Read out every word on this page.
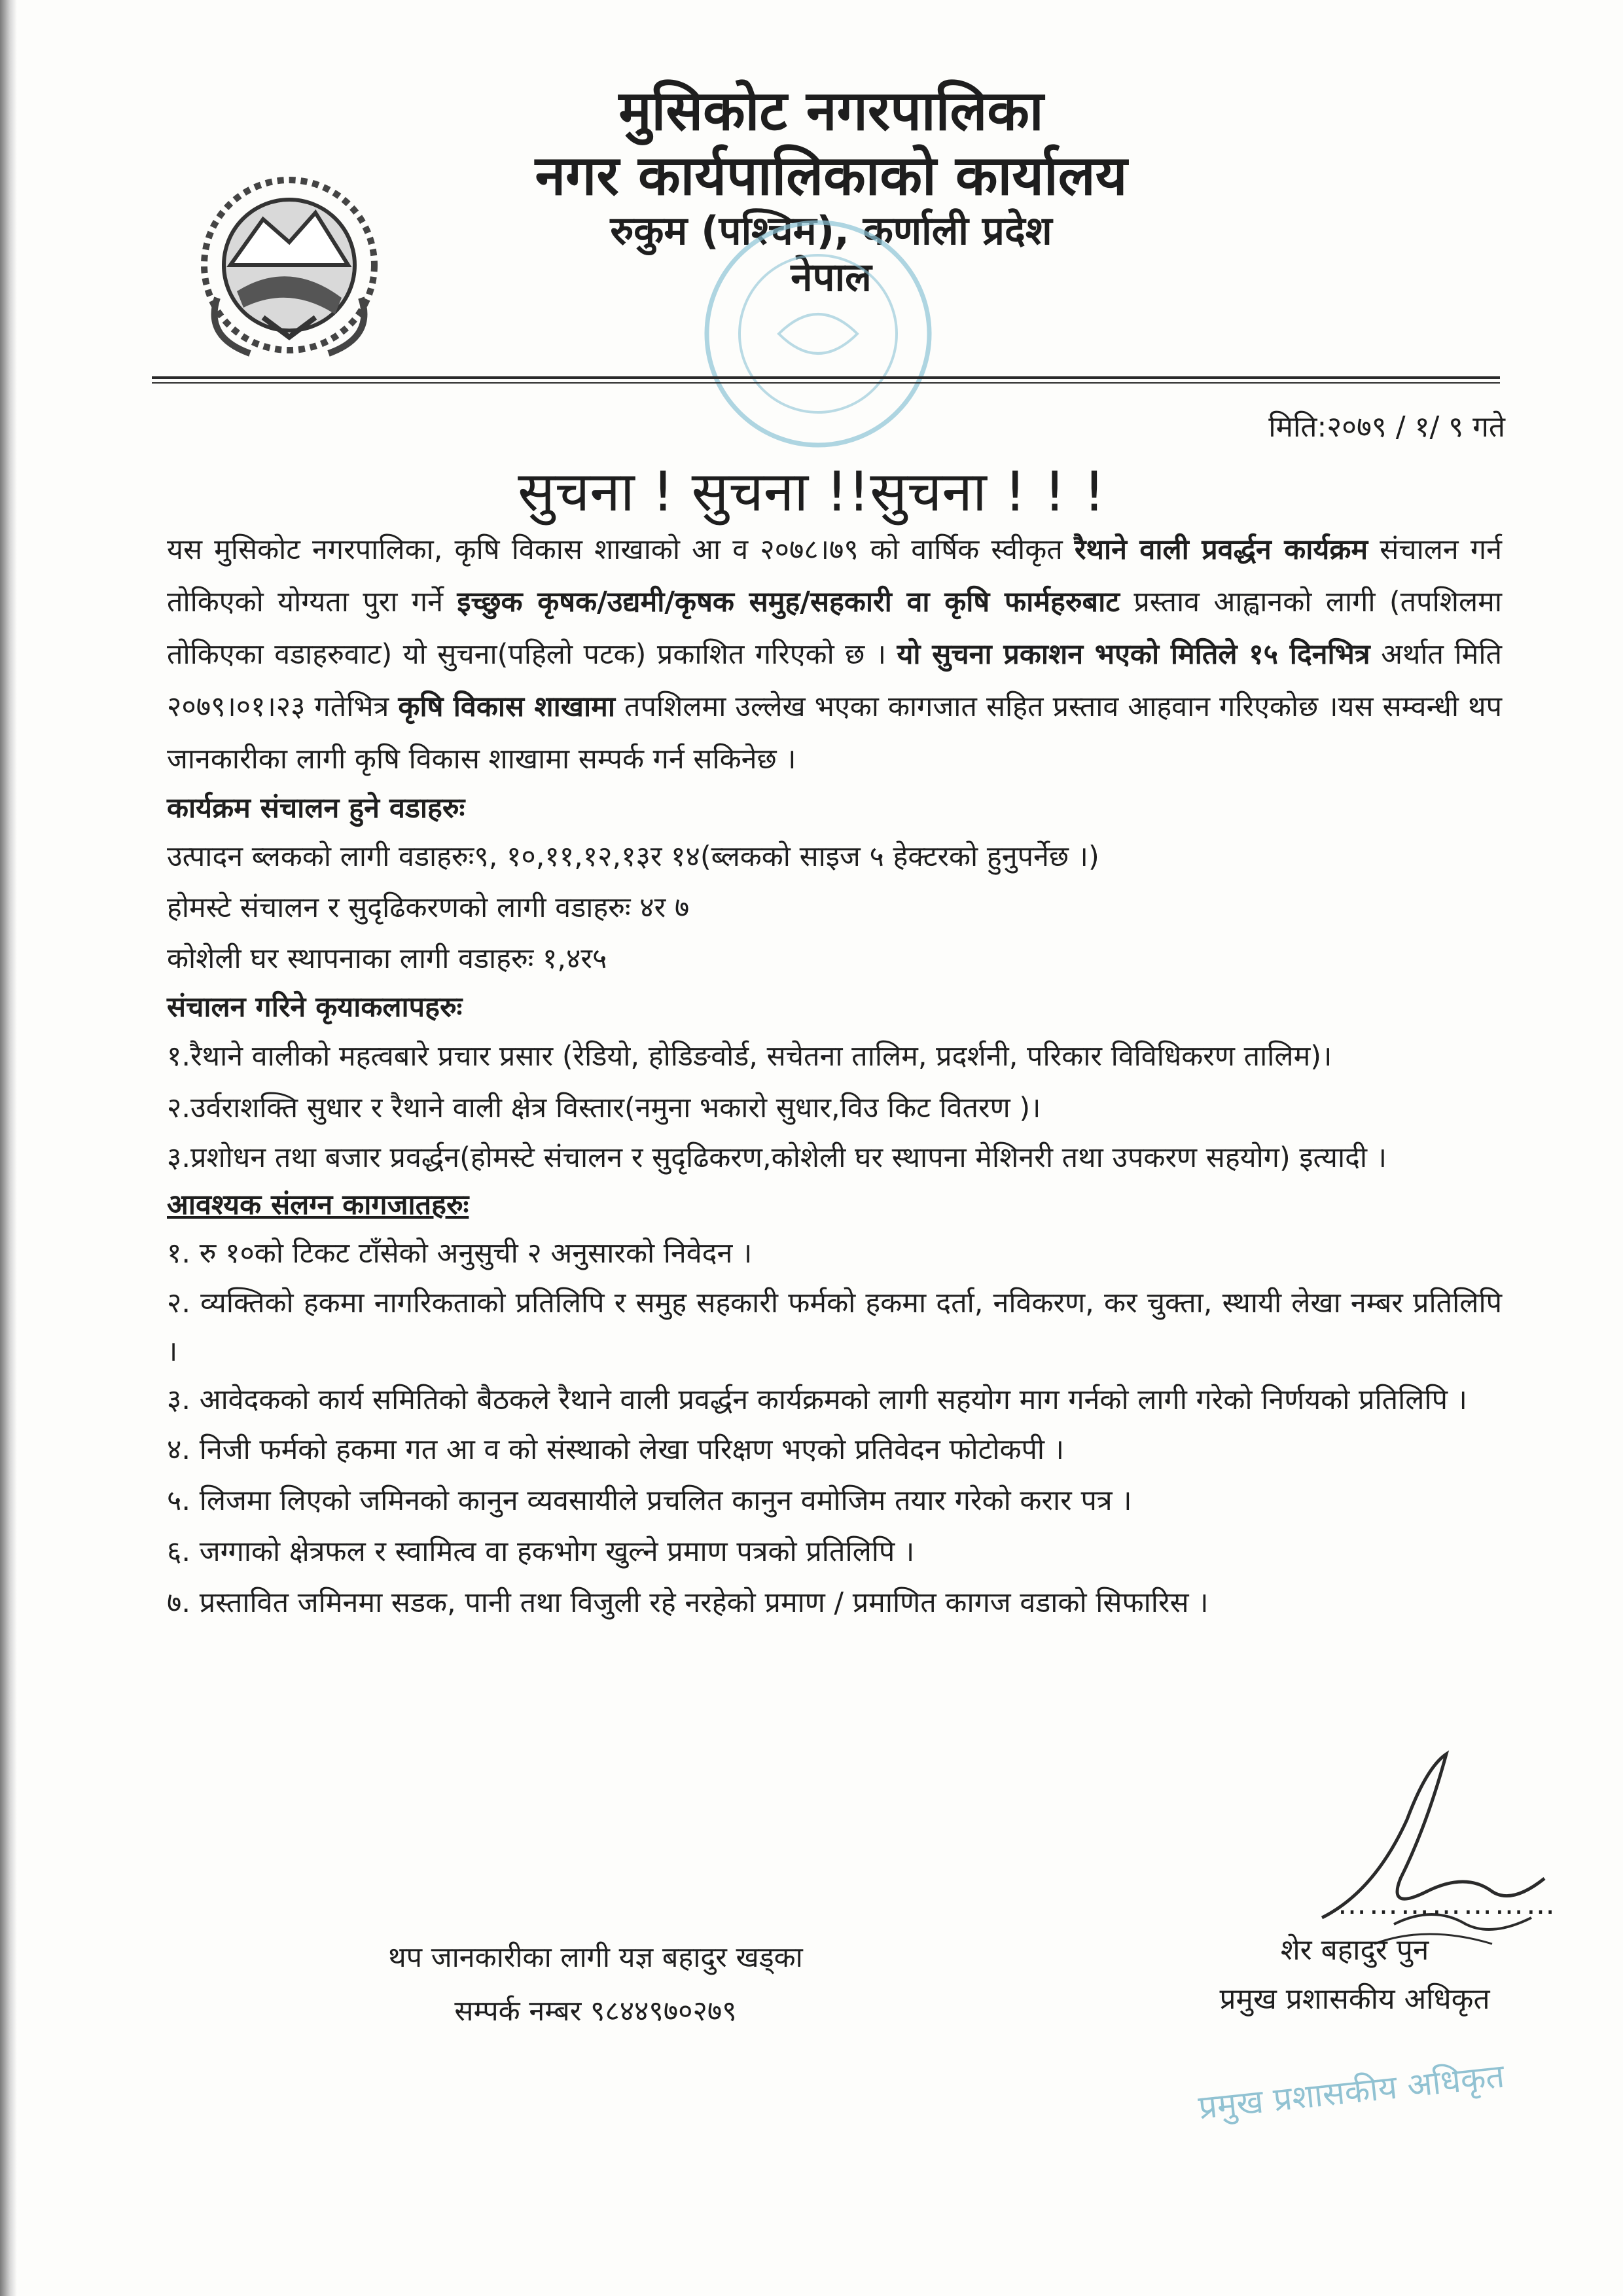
मुसिकोट नगरपालिका
नगर कार्यपालिकाको कार्यालय
रुकुम (पश्चिम), कर्णाली प्रदेश
नेपाल
मिति:२०७९ / १/ ९ गते
सुचना ! सुचना !!सुचना ! ! !

यस मुसिकोट नगरपालिका, कृषि विकास शाखाको आ व २०७८।७९ को वार्षिक स्वीकृत रैथाने वाली प्रवर्द्धन कार्यक्रम संचालन गर्न तोकिएको योग्यता पुरा गर्ने इच्छुक कृषक/उद्यमी/कृषक समुह/सहकारी वा कृषि फार्महरुबाट प्रस्ताव आह्वानको लागी (तपशिलमा तोकिएका वडाहरुवाट) यो सुचना(पहिलो पटक) प्रकाशित गरिएको छ । यो सुचना प्रकाशन भएको मितिले १५ दिनभित्र अर्थात मिति २०७९।०१।२३ गतेभित्र कृषि विकास शाखामा तपशिलमा उल्लेख भएका कागजात सहित प्रस्ताव आहवान गरिएकोछ ।यस सम्वन्धी थप जानकारीका लागी कृषि विकास शाखामा सम्पर्क गर्न सकिनेछ ।

कार्यक्रम संचालन हुने वडाहरुः

उत्पादन ब्लकको लागी वडाहरुः९, १०,११,१२,१३र १४(ब्लकको साइज ५ हेक्टरको हुनुपर्नेछ ।)

होमस्टे संचालन र सुदृढिकरणको लागी वडाहरुः ४र ७

कोशेली घर स्थापनाका लागी वडाहरुः १,४र५

संचालन गरिने कृयाकलापहरुः

१.रैथाने वालीको महत्वबारे प्रचार प्रसार (रेडियो, होडिङवोर्ड, सचेतना तालिम, प्रदर्शनी, परिकार विविधिकरण तालिम)।

२.उर्वराशक्ति सुधार र रैथाने वाली क्षेत्र विस्तार(नमुना भकारो सुधार,विउ किट वितरण )।

३.प्रशोधन तथा बजार प्रवर्द्धन(होमस्टे संचालन र सुदृढिकरण,कोशेली घर स्थापना मेशिनरी तथा उपकरण सहयोग) इत्यादी ।

आवश्यक संलग्न कागजातहरुः

१. रु १०को टिकट टाँसेको अनुसुची २ अनुसारको निवेदन ।

२. व्यक्तिको हकमा नागरिकताको प्रतिलिपि र समुह सहकारी फर्मको हकमा दर्ता, नविकरण, कर चुक्ता, स्थायी लेखा नम्बर प्रतिलिपि ।

३. आवेदकको कार्य समितिको बैठकले रैथाने वाली प्रवर्द्धन कार्यक्रमको लागी सहयोग माग गर्नको लागी गरेको निर्णयको प्रतिलिपि ।

४. निजी फर्मको हकमा गत आ व को संस्थाको लेखा परिक्षण भएको प्रतिवेदन फोटोकपी ।

५. लिजमा लिएको जमिनको कानुन व्यवसायीले प्रचलित कानुन वमोजिम तयार गरेको करार पत्र ।

६. जग्गाको क्षेत्रफल र स्वामित्व वा हकभोग खुल्ने प्रमाण पत्रको प्रतिलिपि ।

७. प्रस्तावित जमिनमा सडक, पानी तथा विजुली रहे नरहेको प्रमाण / प्रमाणित कागज वडाको सिफारिस ।

थप जानकारीका लागी यज्ञ बहादुर खड्का
सम्पर्क नम्बर ९८४४९७०२७९
…………………
शेर बहादुर पुन
प्रमुख प्रशासकीय अधिकृत
प्रमुख प्रशासकीय अधिकृत
